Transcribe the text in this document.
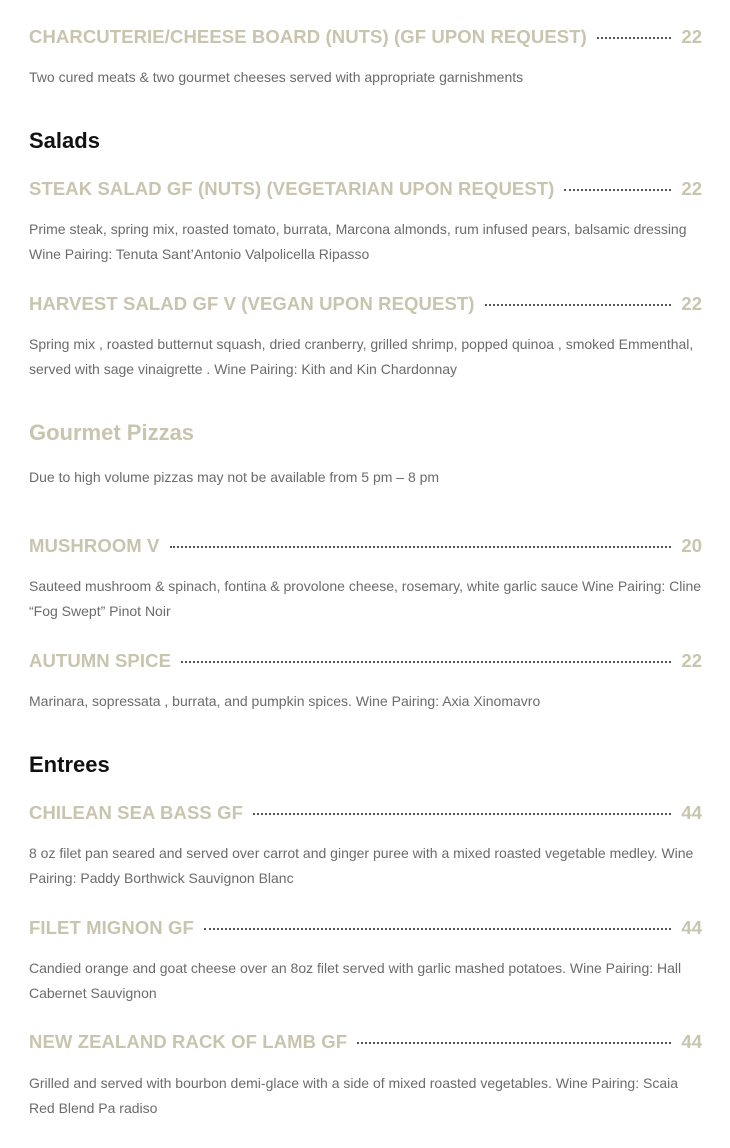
CHARCUTERIE/CHEESE BOARD (NUTS) (GF UPON REQUEST)	22
Two cured meats & two gourmet cheeses served with appropriate garnishments
Salads
STEAK SALAD GF (NUTS) (VEGETARIAN UPON REQUEST)	22
Prime steak, spring mix, roasted tomato, burrata, Marcona almonds, rum infused pears, balsamic dressing Wine Pairing: Tenuta Sant’Antonio Valpolicella Ripasso
HARVEST SALAD GF V (VEGAN UPON REQUEST)	22
Spring mix , roasted butternut squash, dried cranberry, grilled shrimp, popped quinoa , smoked Emmenthal, served with sage vinaigrette . Wine Pairing: Kith and Kin Chardonnay
Gourmet Pizzas
Due to high volume pizzas may not be available from 5 pm – 8 pm
MUSHROOM V	20
Sauteed mushroom & spinach, fontina & provolone cheese, rosemary, white garlic sauce Wine Pairing: Cline “Fog Swept” Pinot Noir
AUTUMN SPICE	22
Marinara, sopressata , burrata, and pumpkin spices. Wine Pairing: Axia Xinomavro
Entrees
CHILEAN SEA BASS GF	44
8 oz filet pan seared and served over carrot and ginger puree with a mixed roasted vegetable medley. Wine Pairing: Paddy Borthwick Sauvignon Blanc
FILET MIGNON GF	44
Candied orange and goat cheese over an 8oz filet served with garlic mashed potatoes. Wine Pairing: Hall Cabernet Sauvignon
NEW ZEALAND RACK OF LAMB GF	44
Grilled and served with bourbon demi-glace with a side of mixed roasted vegetables. Wine Pairing: Scaia Red Blend Pa radiso
